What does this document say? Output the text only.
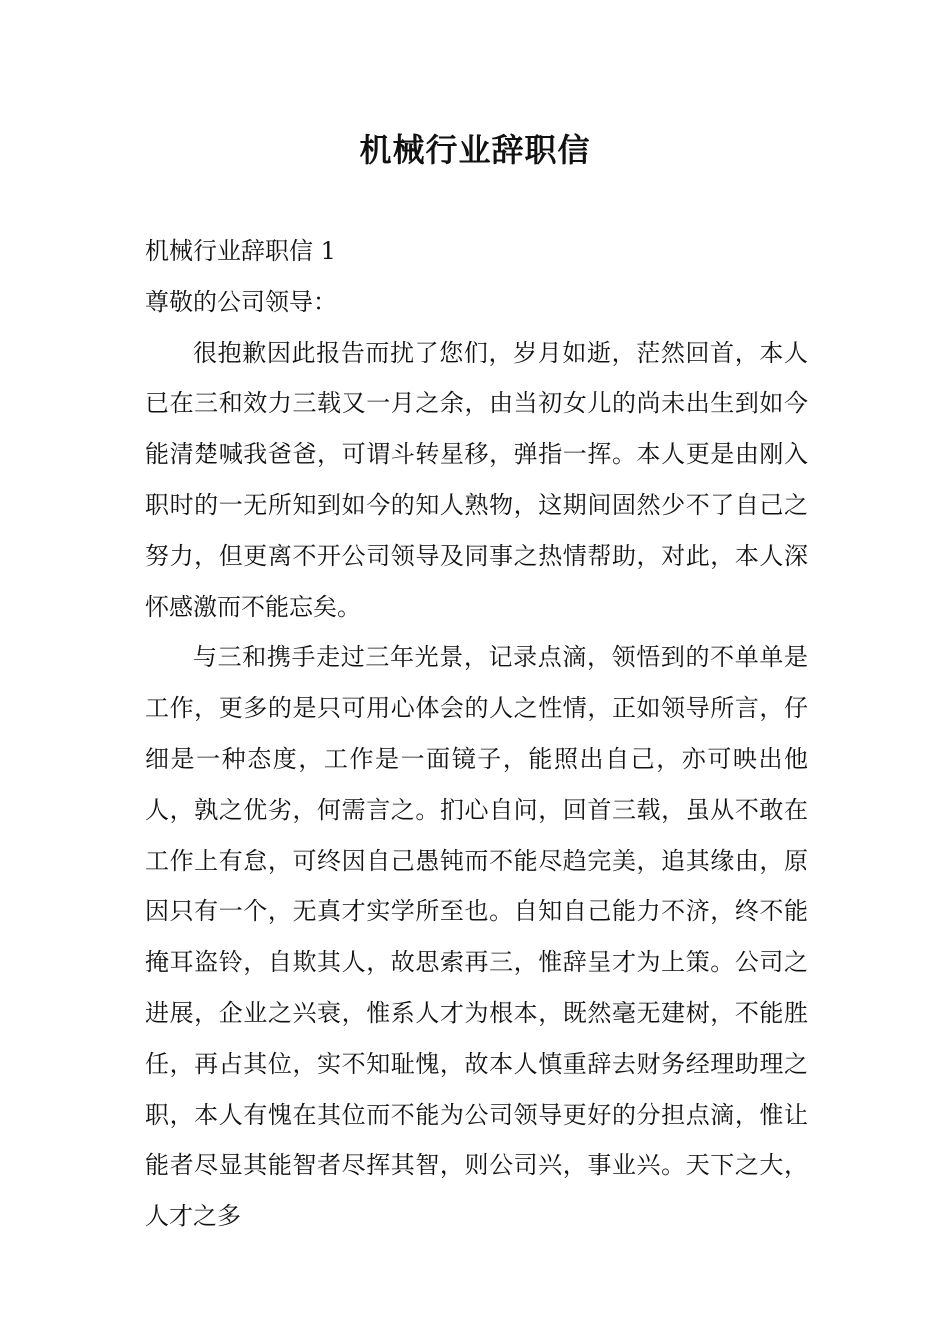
机械行业辞职信

机械行业辞职信 1

尊敬的公司领导：

很抱歉因此报告而扰了您们，岁月如逝，茫然回首，本人已在三和效力三载又一月之余，由当初女儿的尚未出生到如今能清楚喊我爸爸，可谓斗转星移，弹指一挥。本人更是由刚入职时的一无所知到如今的知人熟物，这期间固然少不了自己之努力，但更离不开公司领导及同事之热情帮助，对此，本人深怀感激而不能忘矣。

与三和携手走过三年光景，记录点滴，领悟到的不单单是工作，更多的是只可用心体会的人之性情，正如领导所言，仔细是一种态度，工作是一面镜子，能照出自己，亦可映出他人，孰之优劣，何需言之。扪心自问，回首三载，虽从不敢在工作上有怠，可终因自己愚钝而不能尽趋完美，追其缘由，原因只有一个，无真才实学所至也。自知自己能力不济，终不能掩耳盗铃，自欺其人，故思索再三，惟辞呈才为上策。公司之进展，企业之兴衰，惟系人才为根本，既然毫无建树，不能胜任，再占其位，实不知耻愧，故本人慎重辞去财务经理助理之职，本人有愧在其位而不能为公司领导更好的分担点滴，惟让能者尽显其能智者尽挥其智，则公司兴，事业兴。天下之大，人才之多
